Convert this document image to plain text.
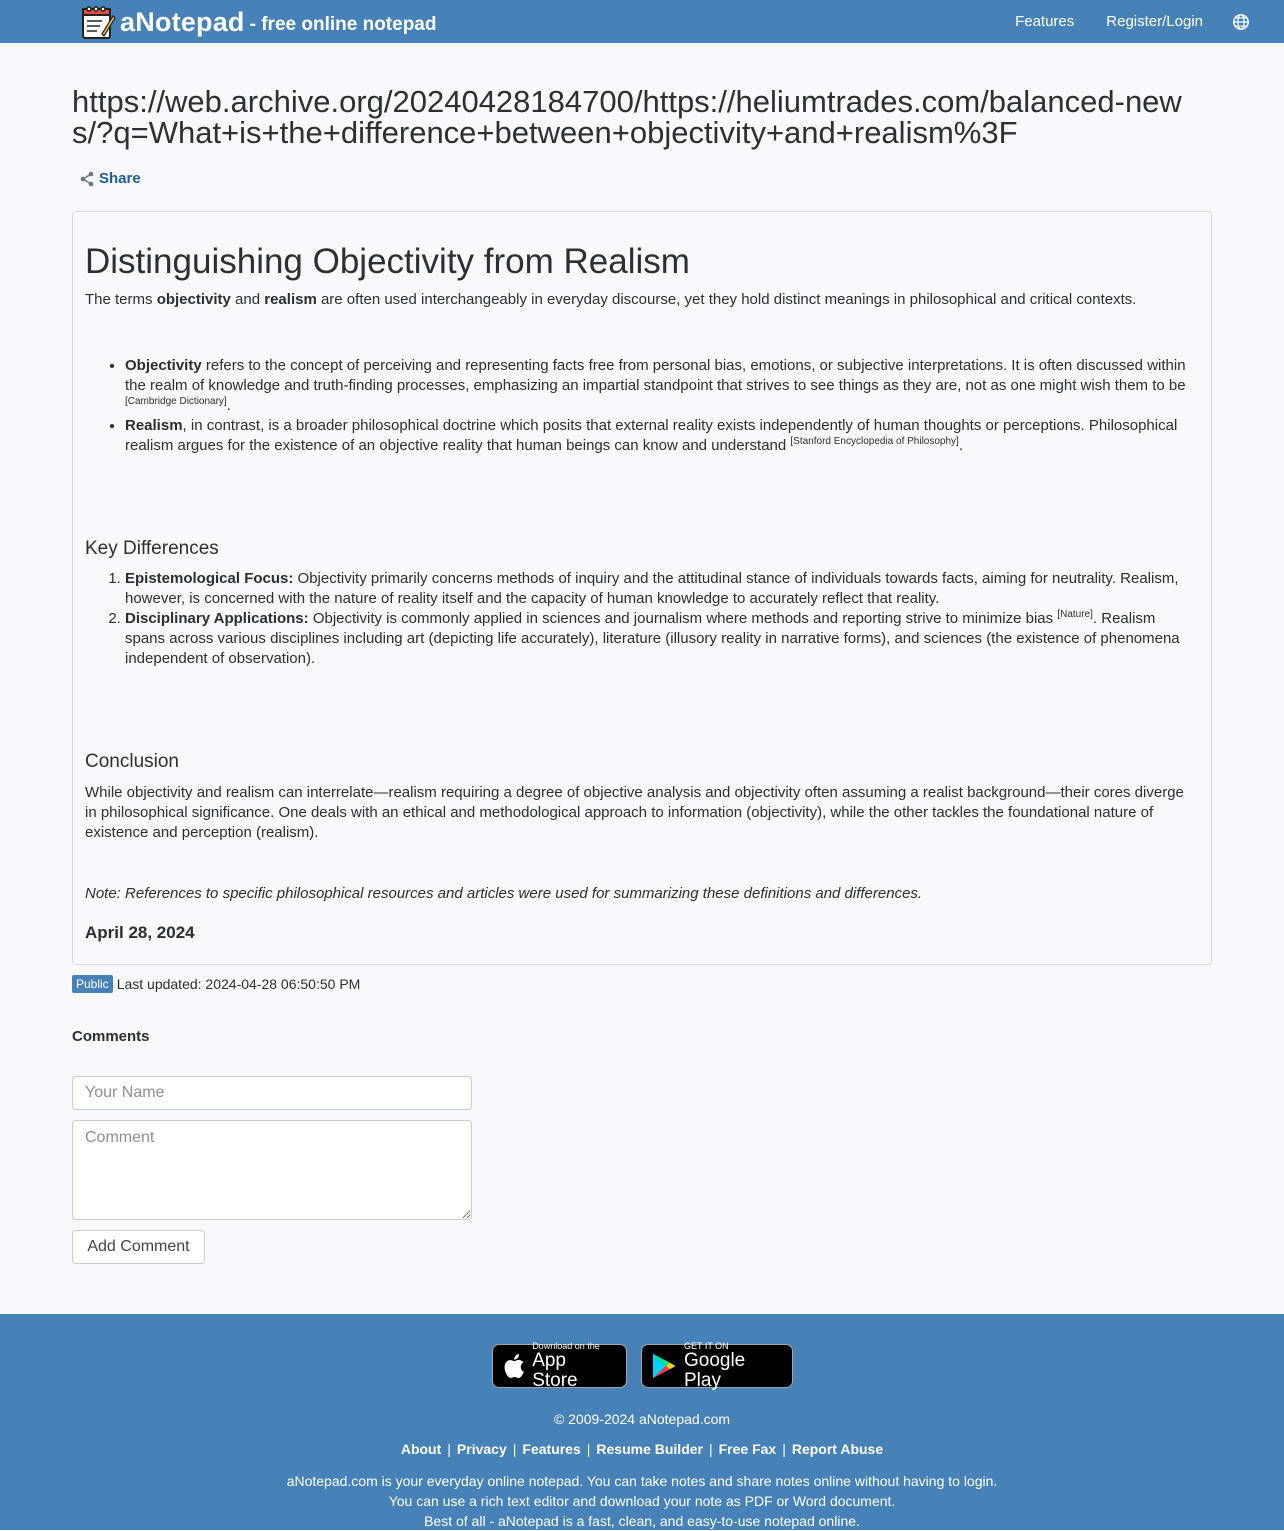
aNotepad - free online notepad	Features Register/Login
https://web.archive.org/20240428184700/https://heliumtrades.com/balanced-news/?q=What+is+the+difference+between+objectivity+and+realism%3F
Share
Distinguishing Objectivity from Realism
The terms objectivity and realism are often used interchangeably in everyday discourse, yet they hold distinct meanings in philosophical and critical contexts.
• Objectivity refers to the concept of perceiving and representing facts free from personal bias, emotions, or subjective interpretations. It is often discussed within the realm of knowledge and truth-finding processes, emphasizing an impartial standpoint that strives to see things as they are, not as one might wish them to be [Cambridge Dictionary].
• Realism, in contrast, is a broader philosophical doctrine which posits that external reality exists independently of human thoughts or perceptions. Philosophical realism argues for the existence of an objective reality that human beings can know and understand [Stanford Encyclopedia of Philosophy].
Key Differences
1. Epistemological Focus: Objectivity primarily concerns methods of inquiry and the attitudinal stance of individuals towards facts, aiming for neutrality. Realism, however, is concerned with the nature of reality itself and the capacity of human knowledge to accurately reflect that reality.
2. Disciplinary Applications: Objectivity is commonly applied in sciences and journalism where methods and reporting strive to minimize bias [Nature]. Realism spans across various disciplines including art (depicting life accurately), literature (illusory reality in narrative forms), and sciences (the existence of phenomena independent of observation).
Conclusion
While objectivity and realism can interrelate—realism requiring a degree of objective analysis and objectivity often assuming a realist background—their cores diverge in philosophical significance. One deals with an ethical and methodological approach to information (objectivity), while the other tackles the foundational nature of existence and perception (realism).
Note: References to specific philosophical resources and articles were used for summarizing these definitions and differences.
April 28, 2024
Public Last updated: 2024-04-28 06:50:50 PM
Comments
Your Name
Comment
Add Comment
Download on the
App Store
GET IT ON
Google Play
© 2009-2024 aNotepad.com
About | Privacy | Features | Resume Builder | Free Fax | Report Abuse
aNotepad.com is your everyday online notepad. You can take notes and share notes online without having to login.
You can use a rich text editor and download your note as PDF or Word document.
Best of all - aNotepad is a fast, clean, and easy-to-use notepad online.
